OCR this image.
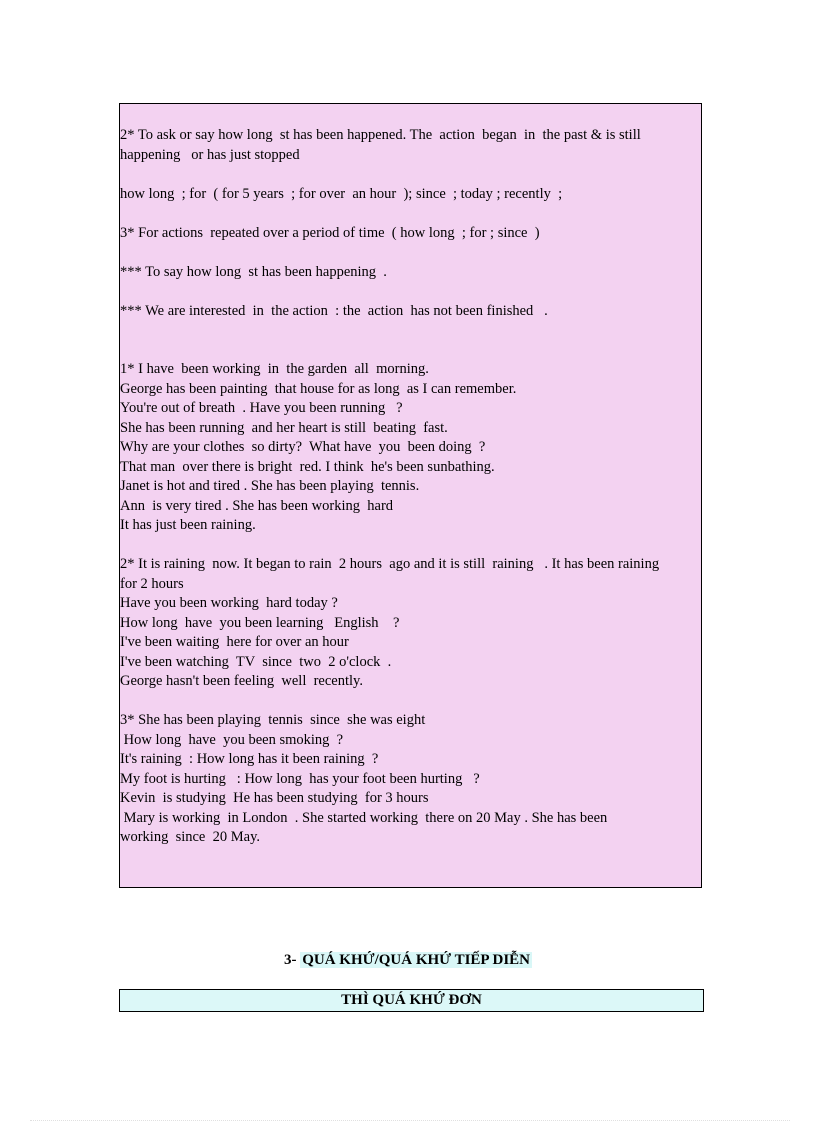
2* To ask or say how long  st has been happened. The  action  began  in  the past & is still
happening   or has just stopped
how long  ; for  ( for 5 years  ; for over  an hour  ); since  ; today ; recently  ;
3* For actions  repeated over a period of time  ( how long  ; for ; since  )
*** To say how long  st has been happening  .
*** We are interested  in  the action  : the  action  has not been finished   .
1* I have  been working  in  the garden  all  morning.
George has been painting  that house for as long  as I can remember.
You're out of breath  . Have you been running   ?
She has been running  and her heart is still  beating  fast.
Why are your clothes  so dirty?  What have  you  been doing  ?
That man  over there is bright  red. I think  he's been sunbathing.
Janet is hot and tired . She has been playing  tennis.
Ann  is very tired . She has been working  hard
It has just been raining.
2* It is raining  now. It began to rain  2 hours  ago and it is still  raining   . It has been raining
for 2 hours
Have you been working  hard today ?
How long  have  you been learning   English    ?
I've been waiting  here for over an hour
I've been watching  TV  since  two  2 o'clock  .
George hasn't been feeling  well  recently.
3* She has been playing  tennis  since  she was eight
How long  have  you been smoking  ?
It's raining  : How long has it been raining  ?
My foot is hurting   : How long  has your foot been hurting   ?
Kevin  is studying  He has been studying  for 3 hours
Mary is working  in London  . She started working  there on 20 May . She has been
working  since  20 May.
3- QUÁ KHỨ/QUÁ KHỨ TIẾP DIỄN
THÌ QUÁ KHỨ ĐƠN
